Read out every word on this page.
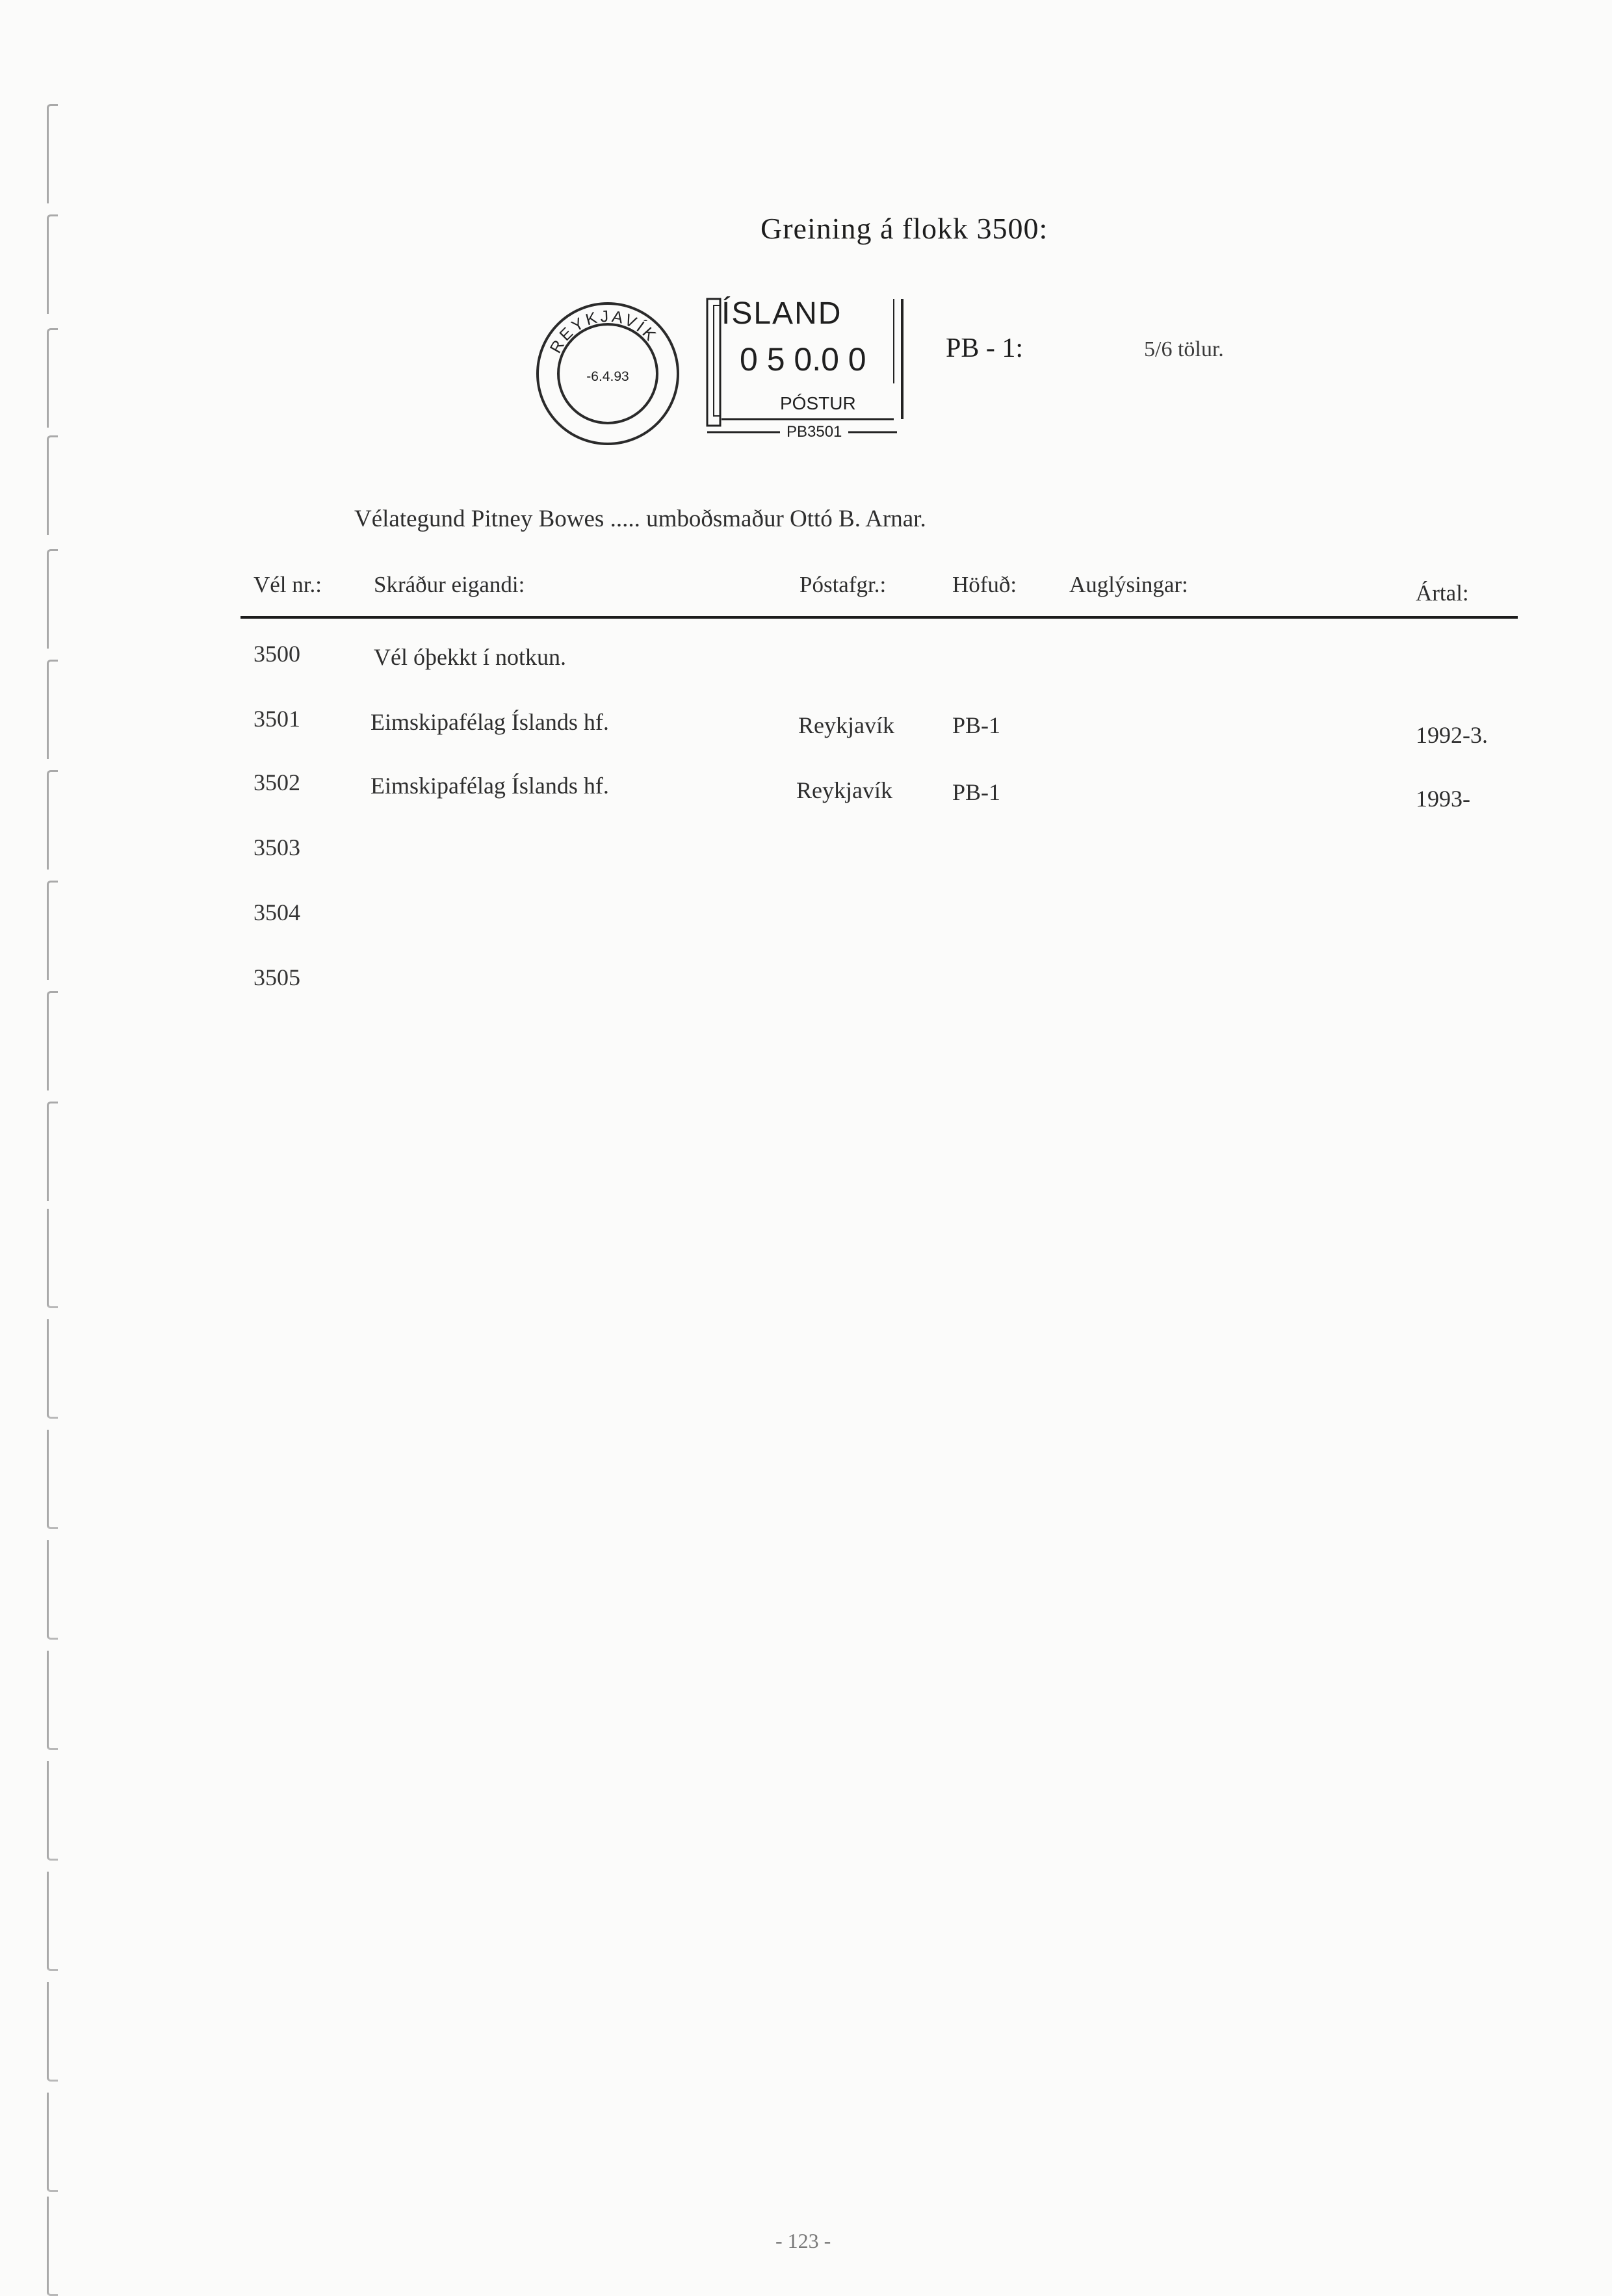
Greining á flokk 3500:
REYKJAVÍK
-6.4.93
ÍSLAND
0 5 0.0 0
PÓSTUR
PB3501
PB - 1:	5/6 tölur.
Vélategund Pitney Bowes ..... umboðsmaður Ottó B. Arnar.
Vél nr.: Skráður eigandi:	Póstafgr.:	Höfuð: Auglýsingar:	Ártal:
3500	Vél óþekkt í notkun.
3501	Eimskipafélag Íslands hf.	Reykjavík PB-1	1992-3.
3502	Eimskipafélag Íslands hf.	Reykjavík	PB-1	1993-
3503
3504
3505
- 123 -
